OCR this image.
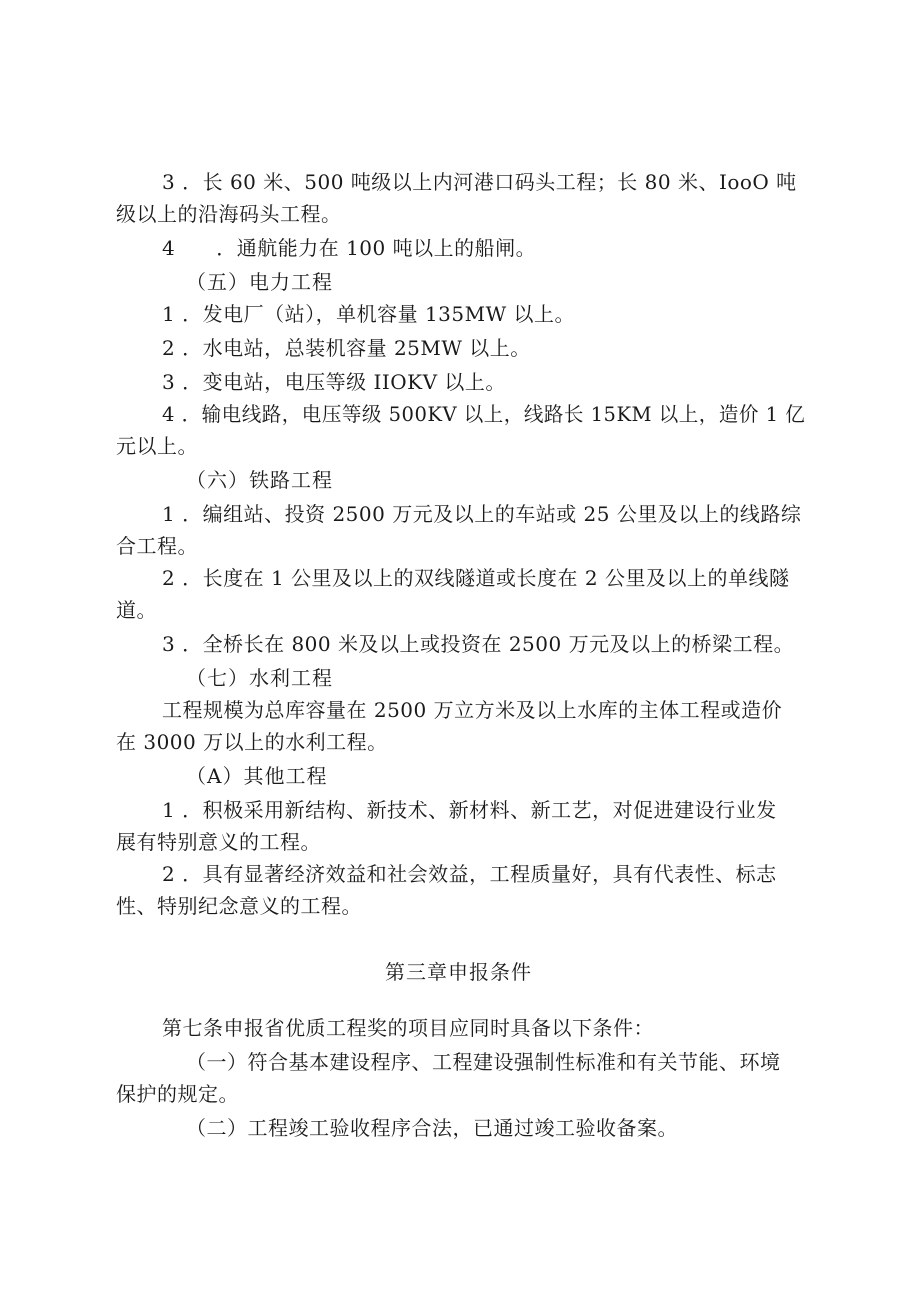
3 ．长 60 米、500 吨级以上内河港口码头工程；长 80 米、IooO 吨
级以上的沿海码头工程。
4　　．通航能力在 100 吨以上的船闸。
（五）电力工程
1 ．发电厂（站），单机容量 135MW 以上。
2 ．水电站，总装机容量 25MW 以上。
3 ．变电站，电压等级 IIOKV 以上。
4 ．输电线路，电压等级 500KV 以上，线路长 15KM 以上，造价 1 亿
元以上。
（六）铁路工程
1 ．编组站、投资 2500 万元及以上的车站或 25 公里及以上的线路综
合工程。
2 ．长度在 1 公里及以上的双线隧道或长度在 2 公里及以上的单线隧
道。
3 ．全桥长在 800 米及以上或投资在 2500 万元及以上的桥梁工程。
（七）水利工程
工程规模为总库容量在 2500 万立方米及以上水库的主体工程或造价
在 3000 万以上的水利工程。
（A）其他工程
1 ．积极采用新结构、新技术、新材料、新工艺，对促进建设行业发
展有特别意义的工程。
2 ．具有显著经济效益和社会效益，工程质量好，具有代表性、标志
性、特别纪念意义的工程。
第三章申报条件
第七条申报省优质工程奖的项目应同时具备以下条件：
（一）符合基本建设程序、工程建设强制性标准和有关节能、环境
保护的规定。
（二）工程竣工验收程序合法，已通过竣工验收备案。
